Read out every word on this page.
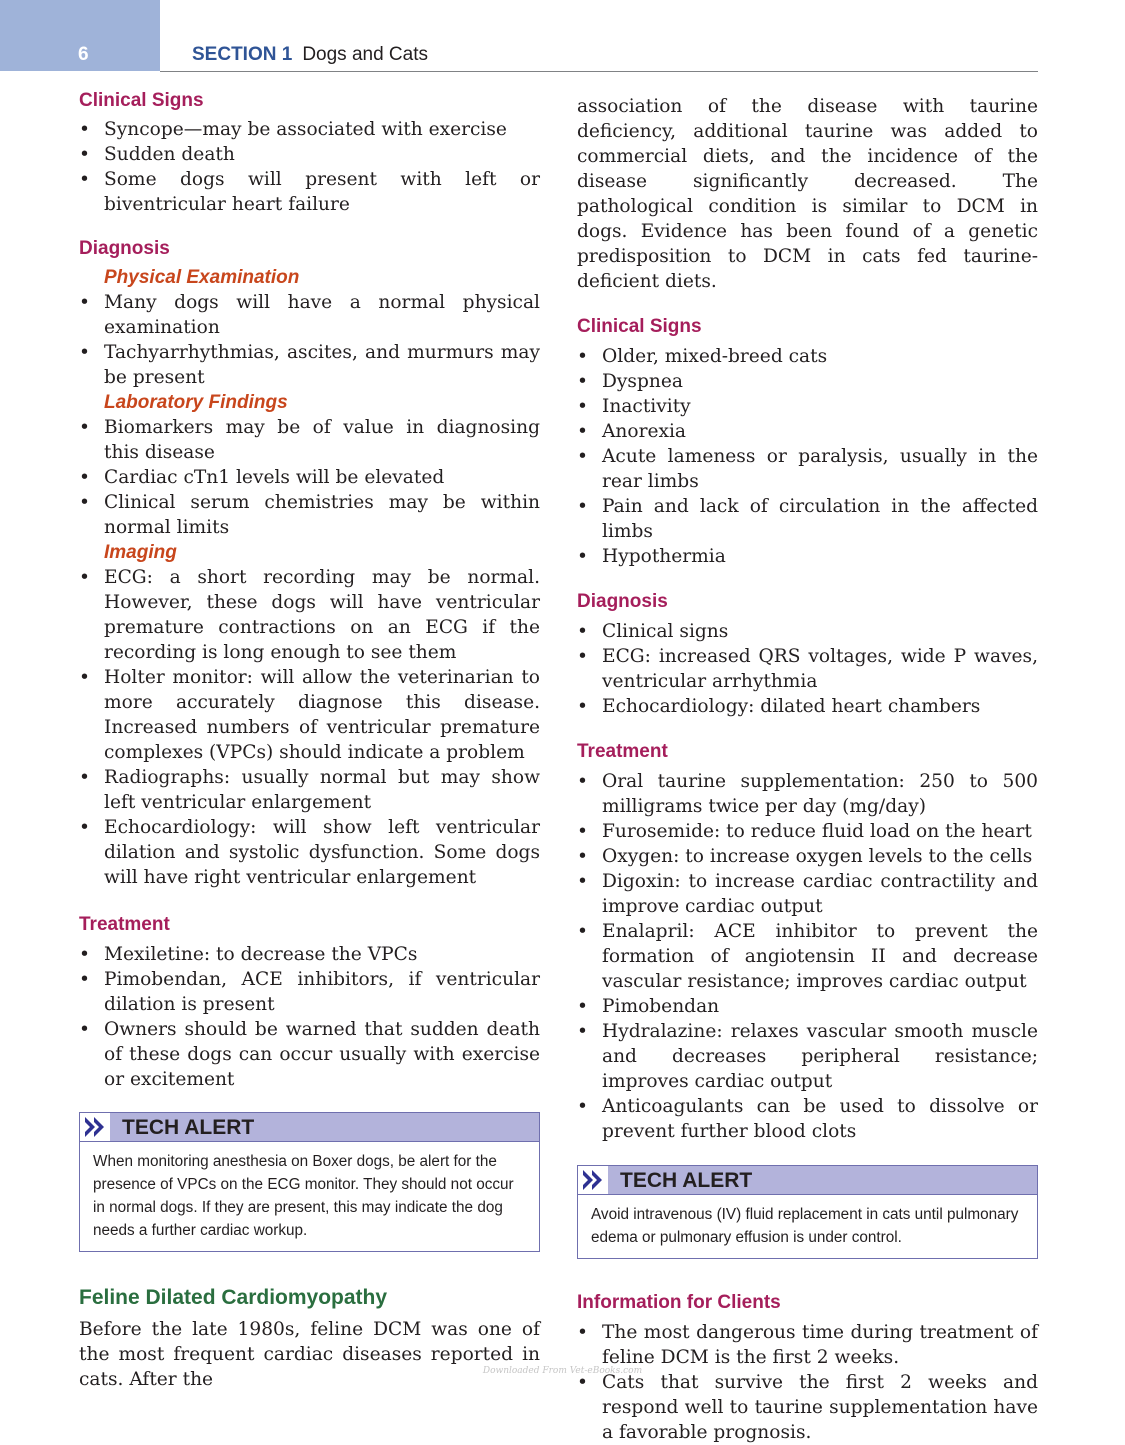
6	SECTION 1 Dogs and Cats
Clinical Signs
• Syncope—may be associated with exercise
• Sudden death
• Some dogs will present with left or biventricular heart failure
Diagnosis
Physical Examination
• Many dogs will have a normal physical examination
• Tachyarrhythmias, ascites, and murmurs may be present
Laboratory Findings
• Biomarkers may be of value in diagnosing this disease
• Cardiac cTn1 levels will be elevated
• Clinical serum chemistries may be within normal limits
Imaging
• ECG: a short recording may be normal. However, these dogs will have ventricular premature contractions on an ECG if the recording is long enough to see them
• Holter monitor: will allow the veterinarian to more accurately diagnose this disease. Increased numbers of ventricular premature complexes (VPCs) should indicate a problem
• Radiographs: usually normal but may show left ventricular enlargement
• Echocardiology: will show left ventricular dilation and systolic dysfunction. Some dogs will have right ventricular enlargement
Treatment
• Mexiletine: to decrease the VPCs
• Pimobendan, ACE inhibitors, if ventricular dilation is present
• Owners should be warned that sudden death of these dogs can occur usually with exercise or excitement
TECH ALERT
When monitoring anesthesia on Boxer dogs, be alert for the presence of VPCs on the ECG monitor. They should not occur in normal dogs. If they are present, this may indicate the dog needs a further cardiac workup.
Feline Dilated Cardiomyopathy

Before the late 1980s, feline DCM was one of the most frequent cardiac diseases reported in cats. After the

association of the disease with taurine deficiency, additional taurine was added to commercial diets, and the incidence of the disease significantly decreased. The pathological condition is similar to DCM in dogs. Evidence has been found of a genetic predisposition to DCM in cats fed taurine-deficient diets.

Clinical Signs
• Older, mixed-breed cats
• Dyspnea
• Inactivity
• Anorexia
• Acute lameness or paralysis, usually in the rear limbs
• Pain and lack of circulation in the affected limbs
• Hypothermia
Diagnosis
• Clinical signs
• ECG: increased QRS voltages, wide P waves, ventricular arrhythmia
• Echocardiology: dilated heart chambers
Treatment
• Oral taurine supplementation: 250 to 500 milligrams twice per day (mg/day)
• Furosemide: to reduce fluid load on the heart
• Oxygen: to increase oxygen levels to the cells
• Digoxin: to increase cardiac contractility and improve cardiac output
• Enalapril: ACE inhibitor to prevent the formation of angiotensin II and decrease vascular resistance; improves cardiac output
• Pimobendan
• Hydralazine: relaxes vascular smooth muscle and decreases peripheral resistance; improves cardiac output
• Anticoagulants can be used to dissolve or prevent further blood clots
TECH ALERT
Avoid intravenous (IV) fluid replacement in cats until pulmonary edema or pulmonary effusion is under control.
Information for Clients
• The most dangerous time during treatment of feline DCM is the first 2 weeks.
• Cats that survive the first 2 weeks and respond well to taurine supplementation have a favorable prognosis.
Downloaded From Vet-eBooks.com
